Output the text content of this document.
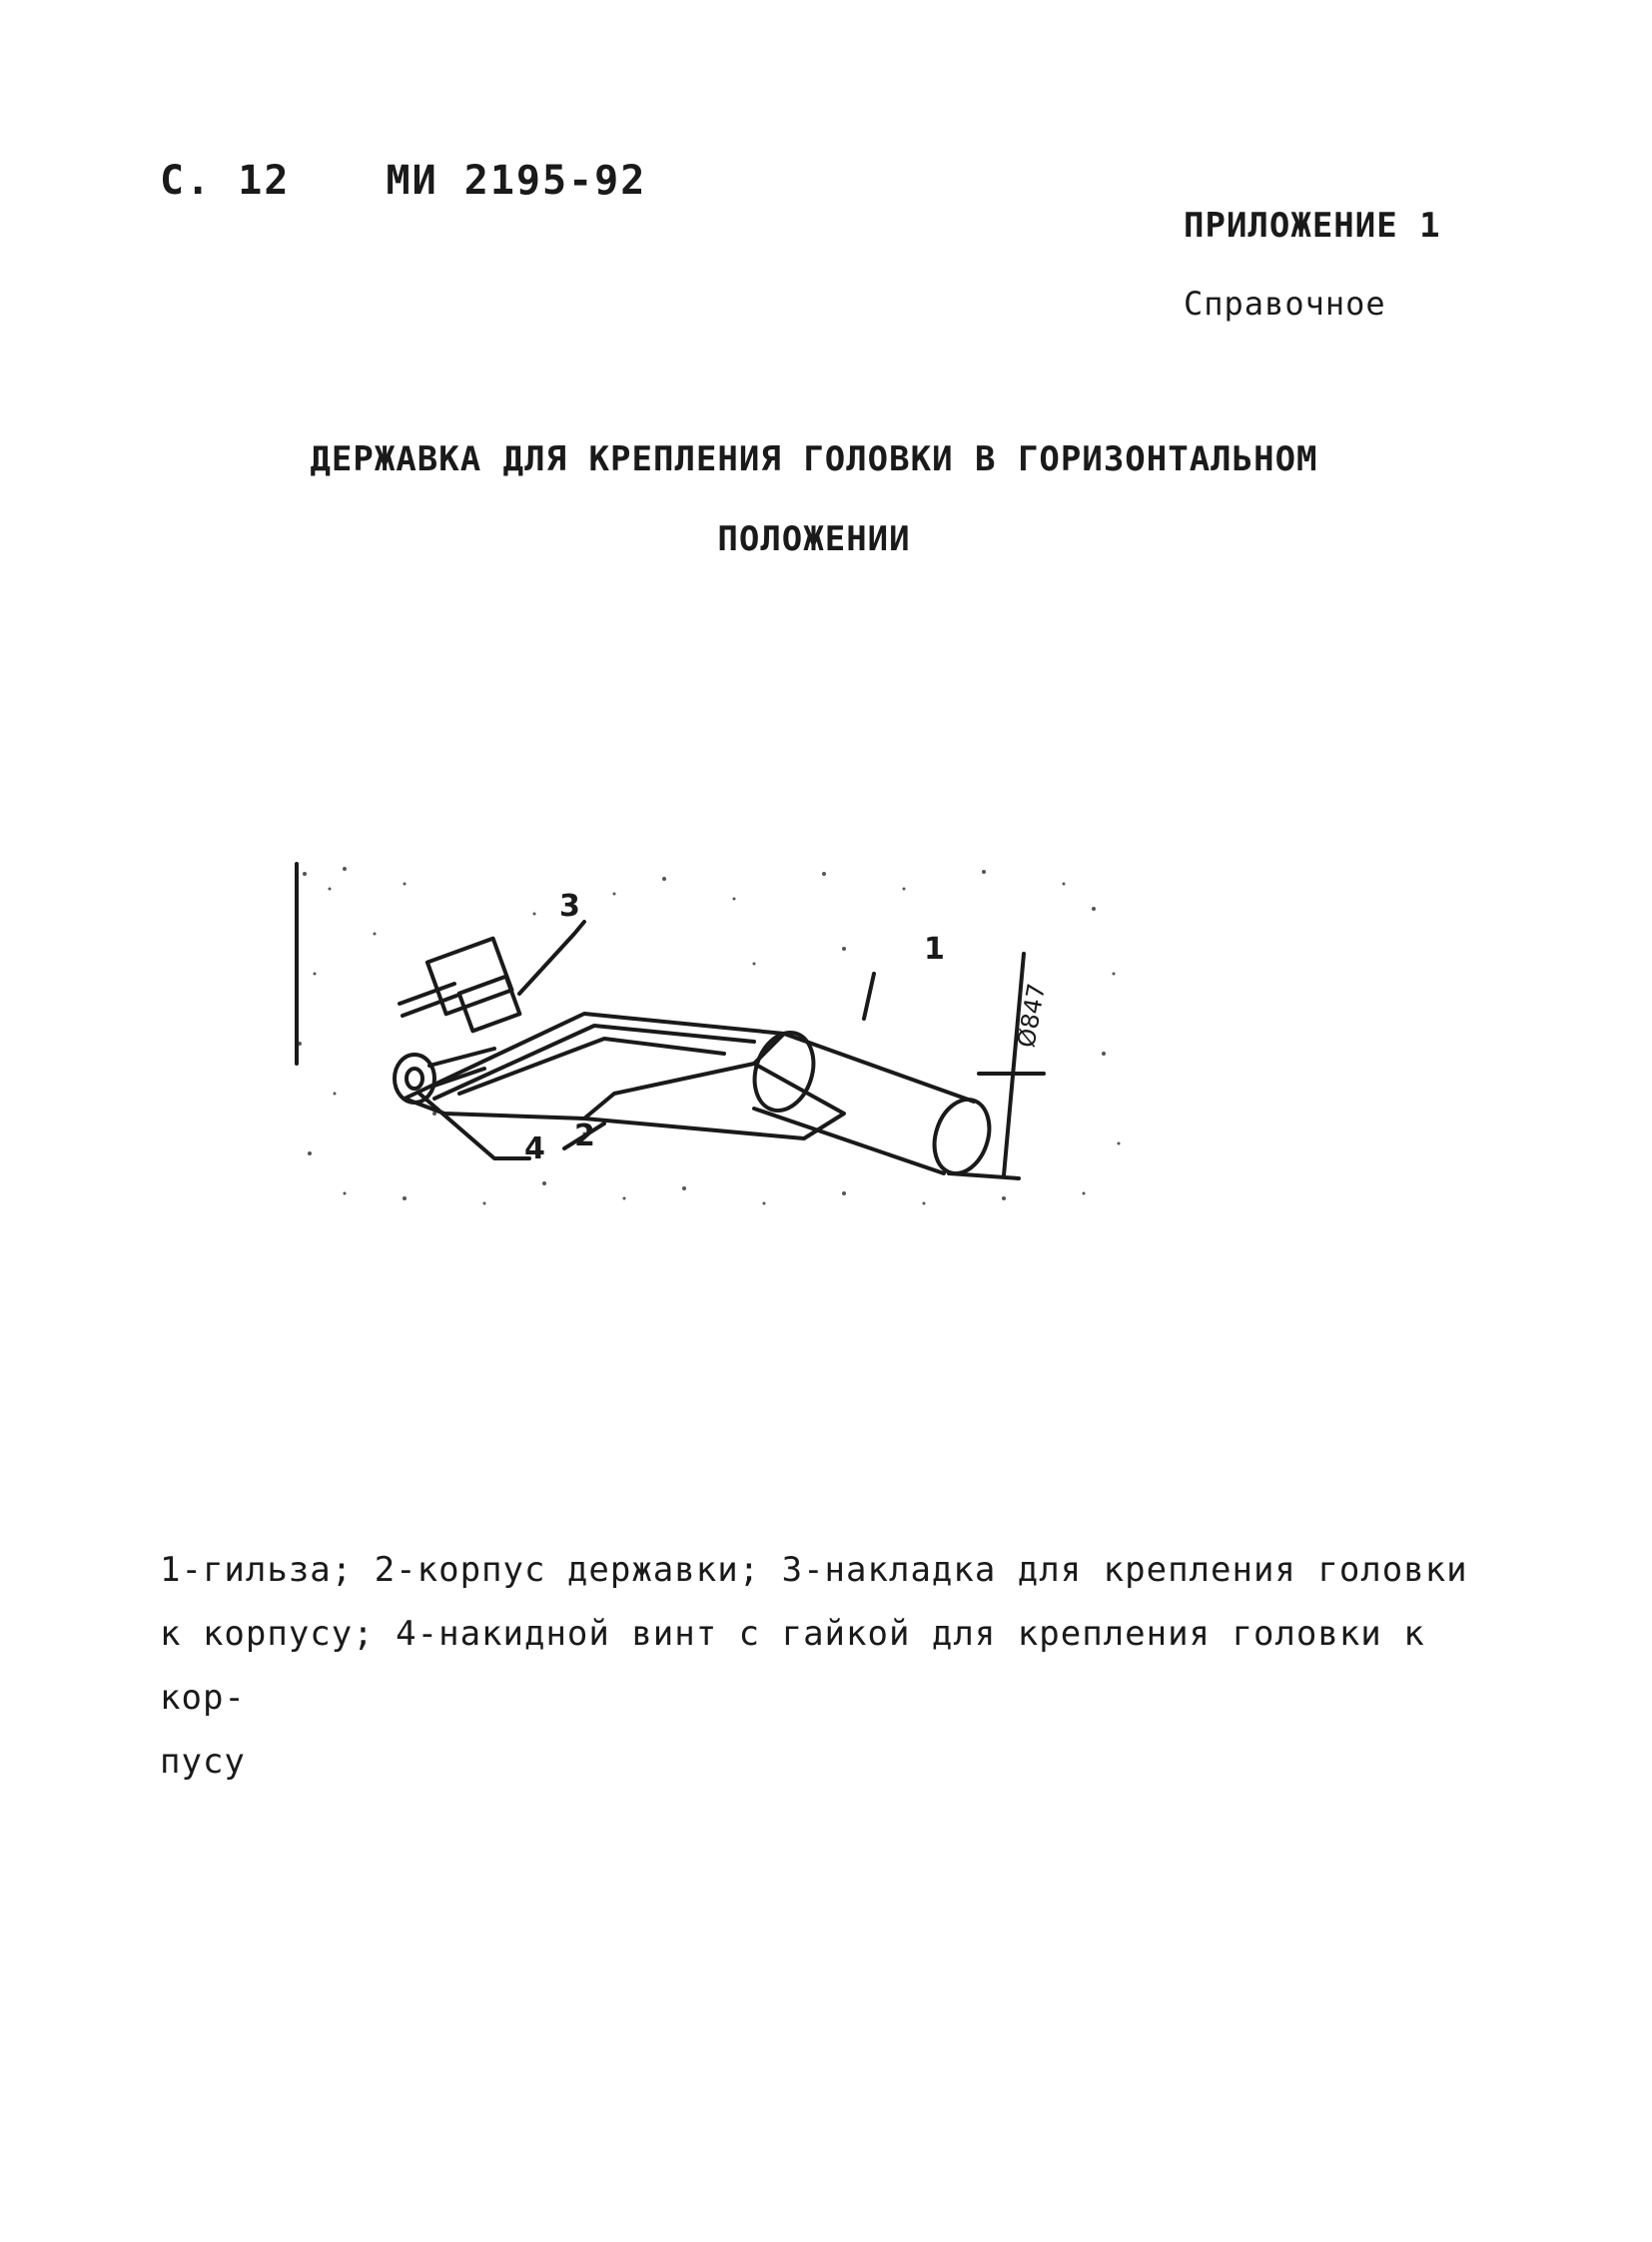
С. 12 МИ 2195-92
ПРИЛОЖЕНИЕ 1
Справочное
ДЕРЖАВКА ДЛЯ КРЕПЛЕНИЯ ГОЛОВКИ В ГОРИЗОНТАЛЬНОМ
ПОЛОЖЕНИИ
3
1
4 2
Ø847
1-гильза; 2-корпус державки; 3-накладка для крепления головки
к корпусу; 4-накидной винт с гайкой для крепления головки к кор-
пусу
